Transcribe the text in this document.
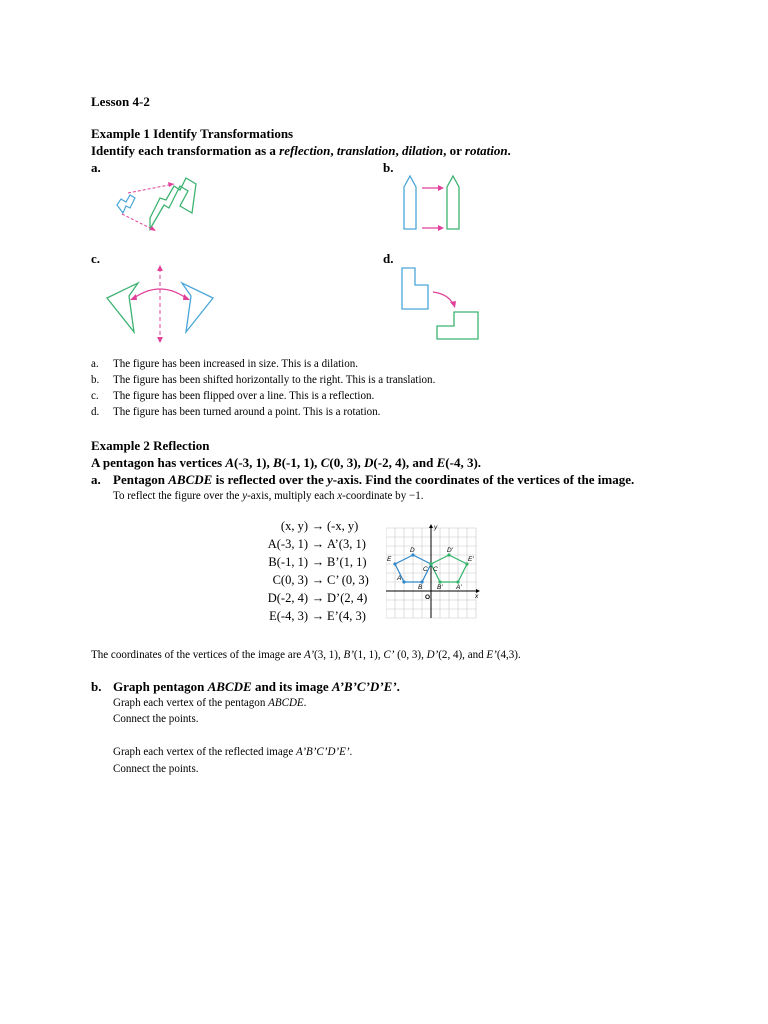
Lesson 4-2
Example 1 Identify Transformations
Identify each transformation as a reflection, translation, dilation, or rotation.
a.	b.
c.	d.
a. The figure has been increased in size. This is a dilation.
b. The figure has been shifted horizontally to the right. This is a translation.
c. The figure has been flipped over a line. This is a reflection.
d. The figure has been turned around a point. This is a rotation.
Example 2 Reflection
A pentagon has vertices A(-3, 1), B(-1, 1), C(0, 3), D(-2, 4), and E(-4, 3).
a. Pentagon ABCDE is reflected over the y-axis. Find the coordinates of the vertices of the image.
To reflect the figure over the y-axis, multiply each x-coordinate by −1.
(x, y) → (-x, y)
A(-3, 1) → A’(3, 1)
B(-1, 1) → B’(1, 1)
C(0, 3) → C’ (0, 3)
D(-2, 4) → D’(2, 4)
E(-4, 3) → E’(4, 3)
x
y
O
A
B
C
D
E
A'
B'
C
D'
E'
The coordinates of the vertices of the image are A’(3, 1), B’(1, 1), C’ (0, 3), D’(2, 4), and E’(4,3).
b. Graph pentagon ABCDE and its image A’B’C’D’E’.
Graph each vertex of the pentagon ABCDE.
Connect the points.
Graph each vertex of the reflected image A’B’C’D’E’.
Connect the points.
